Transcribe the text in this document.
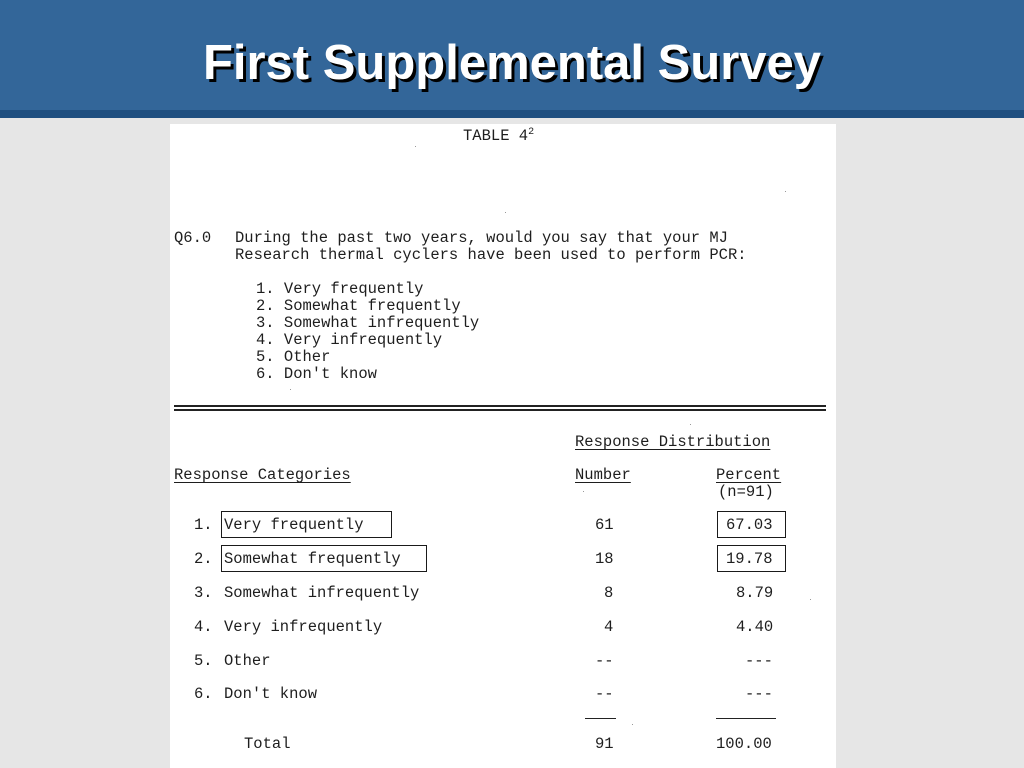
First Supplemental Survey
TABLE $4^2$
Q6.0 During the past two years, would you say that your MJ
Research thermal cyclers have been used to perform PCR:
1. Very frequently
2. Somewhat frequently
3. Somewhat infrequently
4. Very infrequently
5. Other
6. Don't know
Response Distribution
Response Categories	Number	Percent
(n=91)
1. Very frequently	61	67.03
2. Somewhat frequently	18	19.78
3. Somewhat infrequently	8	8.79
4. Very infrequently	4	4.40
5. Other	--	---
6. Don't know	--	---
Total	91	100.00
